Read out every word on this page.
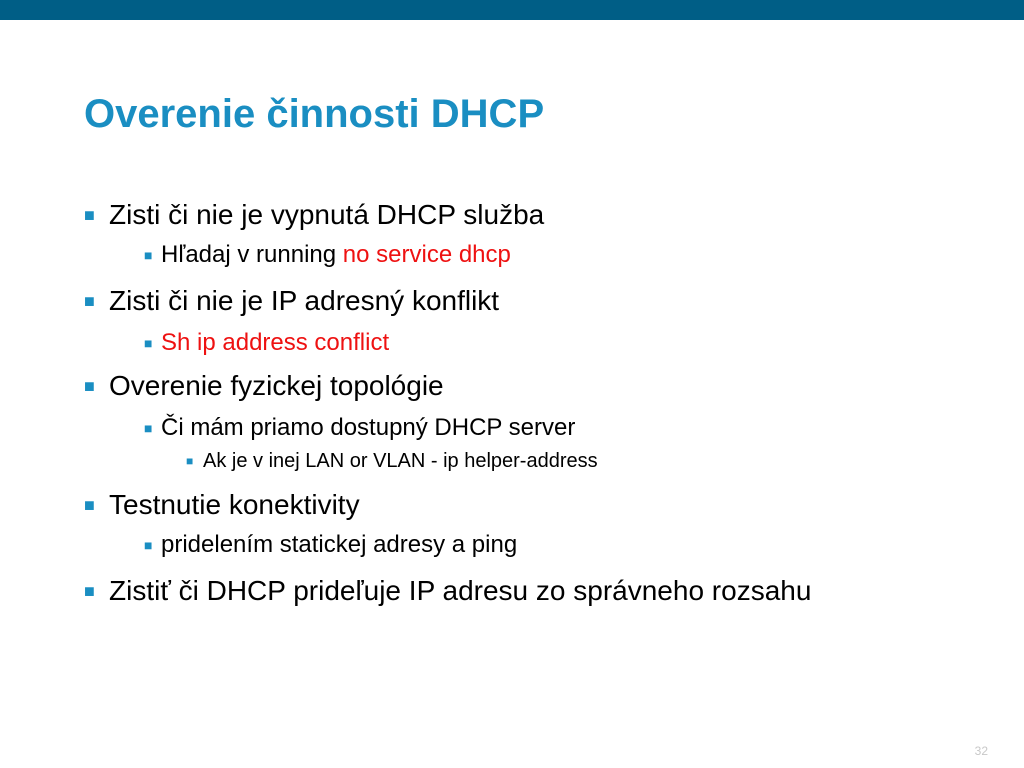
Overenie činnosti DHCP
■ Zisti či nie je vypnutá DHCP služba
■ Hľadaj v running no service dhcp
■ Zisti či nie je IP adresný konflikt
■ Sh ip address conflict
■ Overenie fyzickej topológie
■ Či mám priamo dostupný DHCP server
■ Ak je v inej LAN or VLAN - ip helper-address
■ Testnutie konektivity
■ pridelením statickej adresy a ping
■ Zistiť či DHCP prideľuje IP adresu zo správneho rozsahu
32
